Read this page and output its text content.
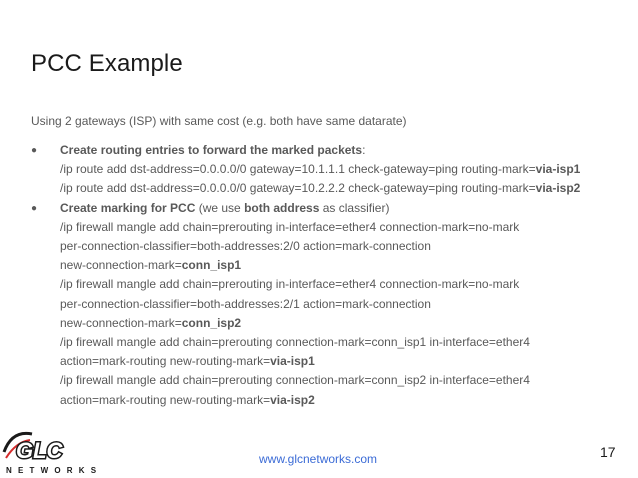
PCC Example
Using 2 gateways (ISP) with same cost (e.g. both have same datarate)
● Create routing entries to forward the marked packets:
/ip route add dst-address=0.0.0.0/0 gateway=10.1.1.1 check-gateway=ping routing-mark=via-isp1
/ip route add dst-address=0.0.0.0/0 gateway=10.2.2.2 check-gateway=ping routing-mark=via-isp2
● Create marking for PCC (we use both address as classifier)
/ip firewall mangle add chain=prerouting in-interface=ether4 connection-mark=no-mark
per-connection-classifier=both-addresses:2/0 action=mark-connection
new-connection-mark=conn_isp1
/ip firewall mangle add chain=prerouting in-interface=ether4 connection-mark=no-mark
per-connection-classifier=both-addresses:2/1 action=mark-connection
new-connection-mark=conn_isp2
/ip firewall mangle add chain=prerouting connection-mark=conn_isp1 in-interface=ether4
action=mark-routing new-routing-mark=via-isp1
/ip firewall mangle add chain=prerouting connection-mark=conn_isp2 in-interface=ether4
action=mark-routing new-routing-mark=via-isp2
GLC
NETWORKS
www.glcnetworks.com	17
